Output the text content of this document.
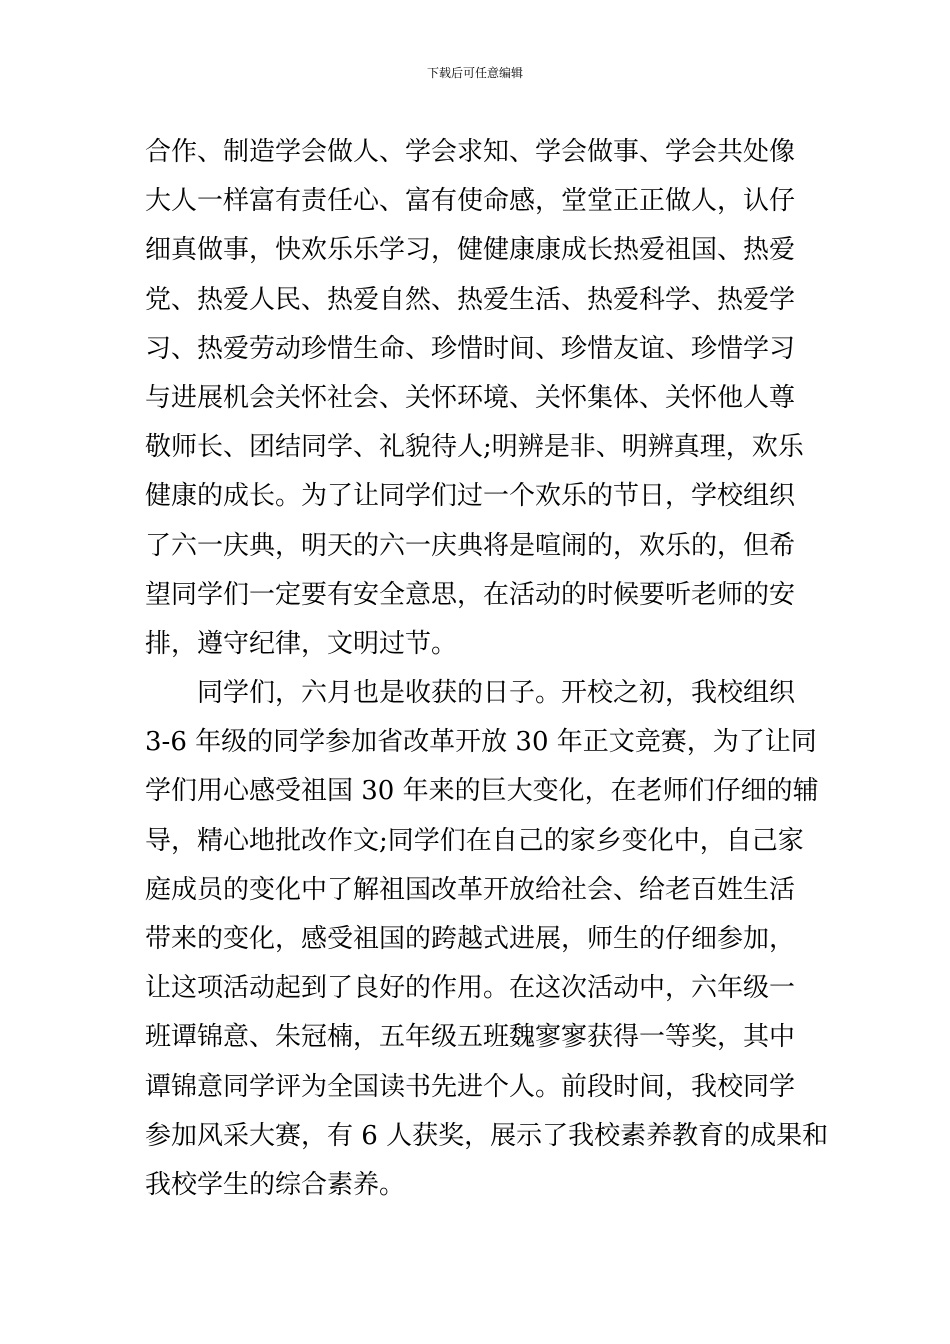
下载后可任意编辑
合作、制造学会做人、学会求知、学会做事、学会共处像
大人一样富有责任心、富有使命感，堂堂正正做人，认仔
细真做事，快欢乐乐学习，健健康康成长热爱祖国、热爱
党、热爱人民、热爱自然、热爱生活、热爱科学、热爱学
习、热爱劳动珍惜生命、珍惜时间、珍惜友谊、珍惜学习
与进展机会关怀社会、关怀环境、关怀集体、关怀他人尊
敬师长、团结同学、礼貌待人;明辨是非、明辨真理，欢乐
健康的成长。为了让同学们过一个欢乐的节日，学校组织
了六一庆典，明天的六一庆典将是喧闹的，欢乐的，但希
望同学们一定要有安全意思，在活动的时候要听老师的安
排，遵守纪律，文明过节。
同学们，六月也是收获的日子。开校之初，我校组织
3-6 年级的同学参加省改革开放 30 年正文竞赛，为了让同
学们用心感受祖国 30 年来的巨大变化，在老师们仔细的辅
导，精心地批改作文;同学们在自己的家乡变化中，自己家
庭成员的变化中了解祖国改革开放给社会、给老百姓生活
带来的变化，感受祖国的跨越式进展，师生的仔细参加，
让这项活动起到了良好的作用。在这次活动中，六年级一
班谭锦意、朱冠楠，五年级五班魏寥寥获得一等奖，其中
谭锦意同学评为全国读书先进个人。前段时间，我校同学
参加风采大赛，有 6 人获奖，展示了我校素养教育的成果和
我校学生的综合素养。
